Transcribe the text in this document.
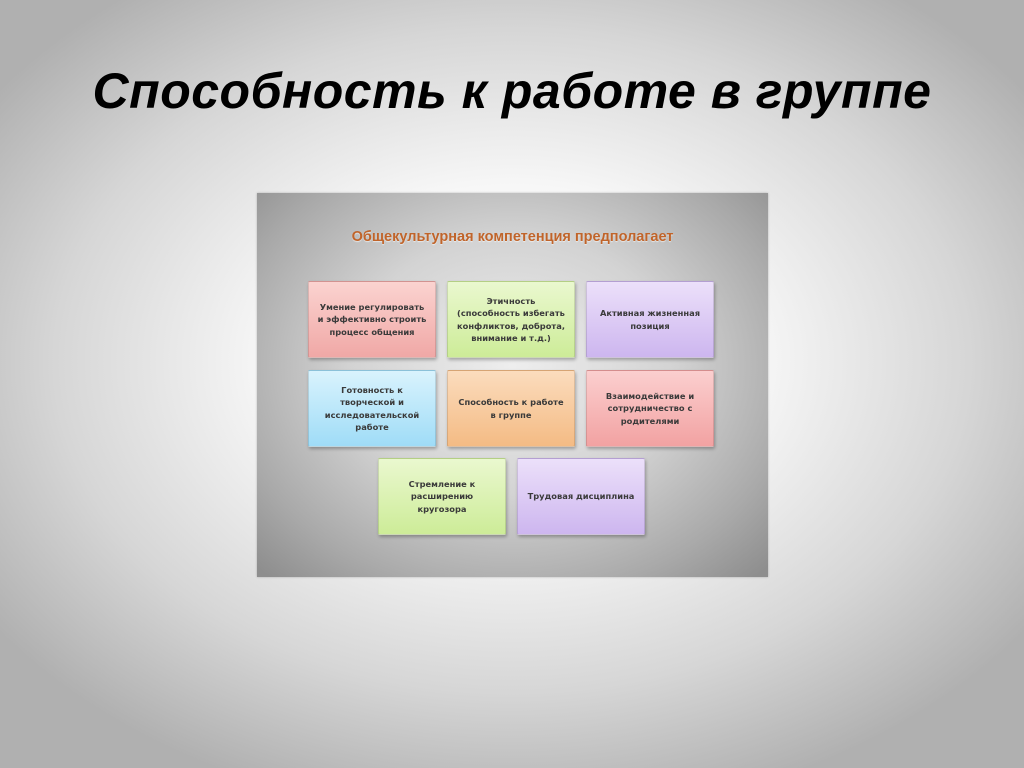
Способность к работе в группе
Общекультурная компетенция предполагает
Умение регулировать
и эффективно строить
процесс общения
Этичность
(способность избегать
конфликтов, доброта,
внимание и т.д.)
Активная жизненная
позиция
Готовность к
творческой и
исследовательской
работе
Способность к работе
в группе
Взаимодействие и
сотрудничество с
родителями
Стремление к
расширению
кругозора
Трудовая дисциплина
